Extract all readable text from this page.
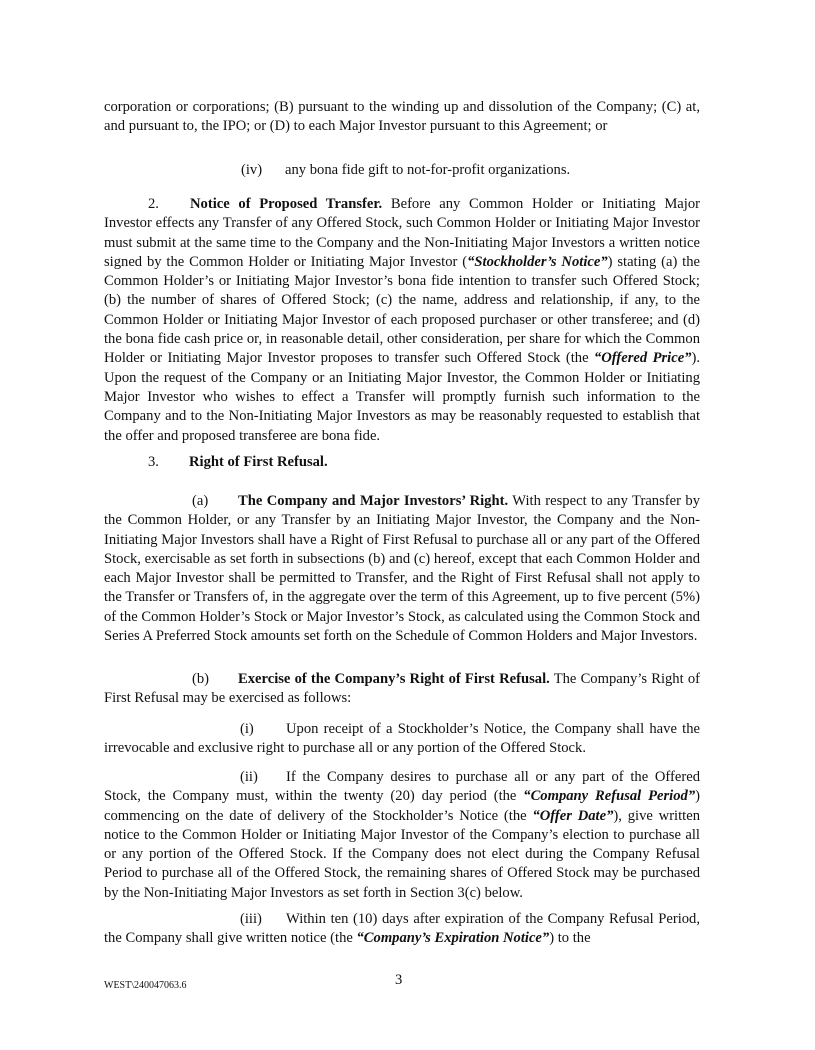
corporation or corporations; (B) pursuant to the winding up and dissolution of the Company; (C) at, and pursuant to, the IPO; or (D) to each Major Investor pursuant to this Agreement; or

(iv) any bona fide gift to not-for-profit organizations.

2. Notice of Proposed Transfer. Before any Common Holder or Initiating Major Investor effects any Transfer of any Offered Stock, such Common Holder or Initiating Major Investor must submit at the same time to the Company and the Non-Initiating Major Investors a written notice signed by the Common Holder or Initiating Major Investor (“Stockholder’s Notice”) stating (a) the Common Holder’s or Initiating Major Investor’s bona fide intention to transfer such Offered Stock; (b) the number of shares of Offered Stock; (c) the name, address and relationship, if any, to the Common Holder or Initiating Major Investor of each proposed purchaser or other transferee; and (d) the bona fide cash price or, in reasonable detail, other consideration, per share for which the Common Holder or Initiating Major Investor proposes to transfer such Offered Stock (the “Offered Price”). Upon the request of the Company or an Initiating Major Investor, the Common Holder or Initiating Major Investor who wishes to effect a Transfer will promptly furnish such information to the Company and to the Non-Initiating Major Investors as may be reasonably requested to establish that the offer and proposed transferee are bona fide.

3. Right of First Refusal.

(a) The Company and Major Investors’ Right. With respect to any Transfer by the Common Holder, or any Transfer by an Initiating Major Investor, the Company and the Non-Initiating Major Investors shall have a Right of First Refusal to purchase all or any part of the Offered Stock, exercisable as set forth in subsections (b) and (c) hereof, except that each Common Holder and each Major Investor shall be permitted to Transfer, and the Right of First Refusal shall not apply to the Transfer or Transfers of, in the aggregate over the term of this Agreement, up to five percent (5%) of the Common Holder’s Stock or Major Investor’s Stock, as calculated using the Common Stock and Series A Preferred Stock amounts set forth on the Schedule of Common Holders and Major Investors.

(b) Exercise of the Company’s Right of First Refusal. The Company’s Right of First Refusal may be exercised as follows:

(i) Upon receipt of a Stockholder’s Notice, the Company shall have the irrevocable and exclusive right to purchase all or any portion of the Offered Stock.

(ii) If the Company desires to purchase all or any part of the Offered Stock, the Company must, within the twenty (20) day period (the “Company Refusal Period”) commencing on the date of delivery of the Stockholder’s Notice (the “Offer Date”), give written notice to the Common Holder or Initiating Major Investor of the Company’s election to purchase all or any portion of the Offered Stock. If the Company does not elect during the Company Refusal Period to purchase all of the Offered Stock, the remaining shares of Offered Stock may be purchased by the Non-Initiating Major Investors as set forth in Section 3(c) below.

(iii) Within ten (10) days after expiration of the Company Refusal Period, the Company shall give written notice (the “Company’s Expiration Notice”) to the

WEST\240047063.6	3
